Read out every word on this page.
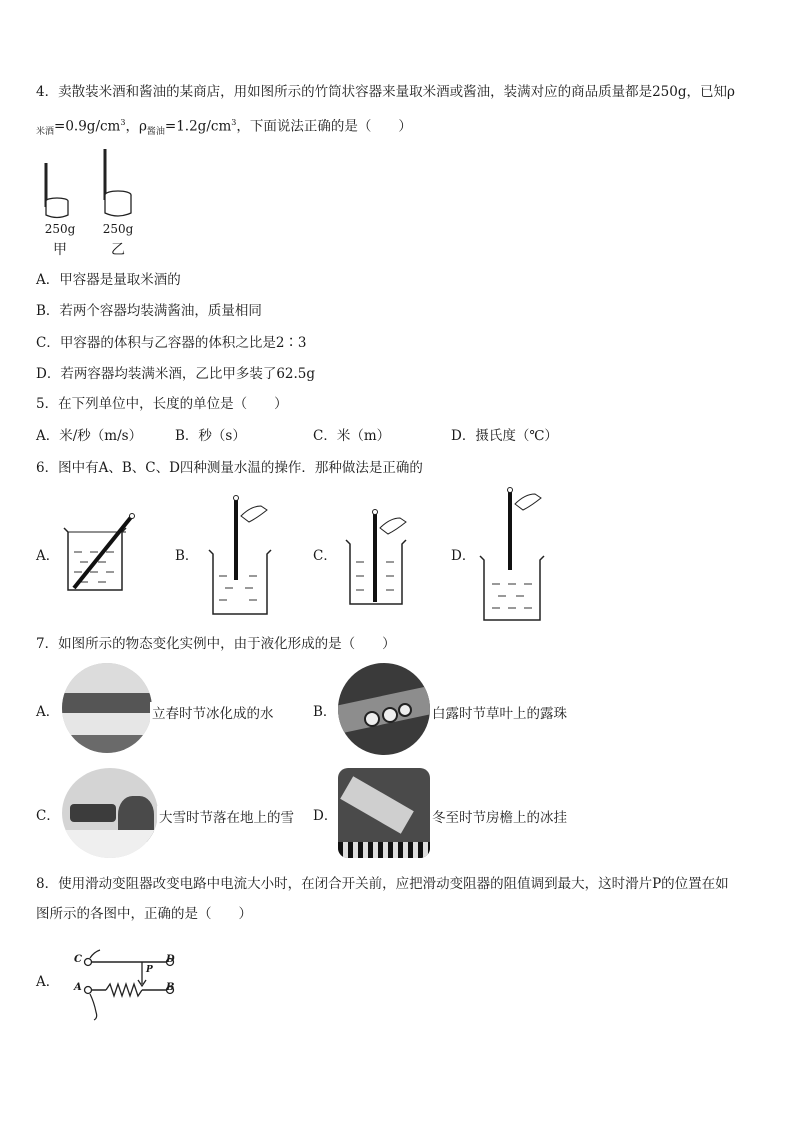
4．卖散装米酒和酱油的某商店，用如图所示的竹筒状容器来量取米酒或酱油，装满对应的商品质量都是250g，已知ρ
$_{米酒}=0.9g/cm^3$，$\rho_{酱油}=1.2g/cm^3$，下面说法正确的是（　　）
250g
甲
250g
乙
A．甲容器是量取米酒的
B．若两个容器均装满酱油，质量相同
C．甲容器的体积与乙容器的体积之比是2∶3
D．若两容器均装满米酒，乙比甲多装了62.5g
5．在下列单位中，长度的单位是（　　）
A．米/秒（m/s） B．秒（s）	C．米（m）	D．摄氏度（℃）
6．图中有A、B、C、D四种测量水温的操作．那种做法是正确的
A．	B．	C．	D．
7．如图所示的物态变化实例中，由于液化形成的是（　　）
A．	立春时节冰化成的水	B．	白露时节草叶上的露珠
C．	大雪时节落在地上的雪 D．	冬至时节房檐上的冰挂
8．使用滑动变阻器改变电路中电流大小时，在闭合开关前，应把滑动变阻器的阻值调到最大，这时滑片P的位置在如
图所示的各图中，正确的是（　　）
A．
C	D
A	B
P
